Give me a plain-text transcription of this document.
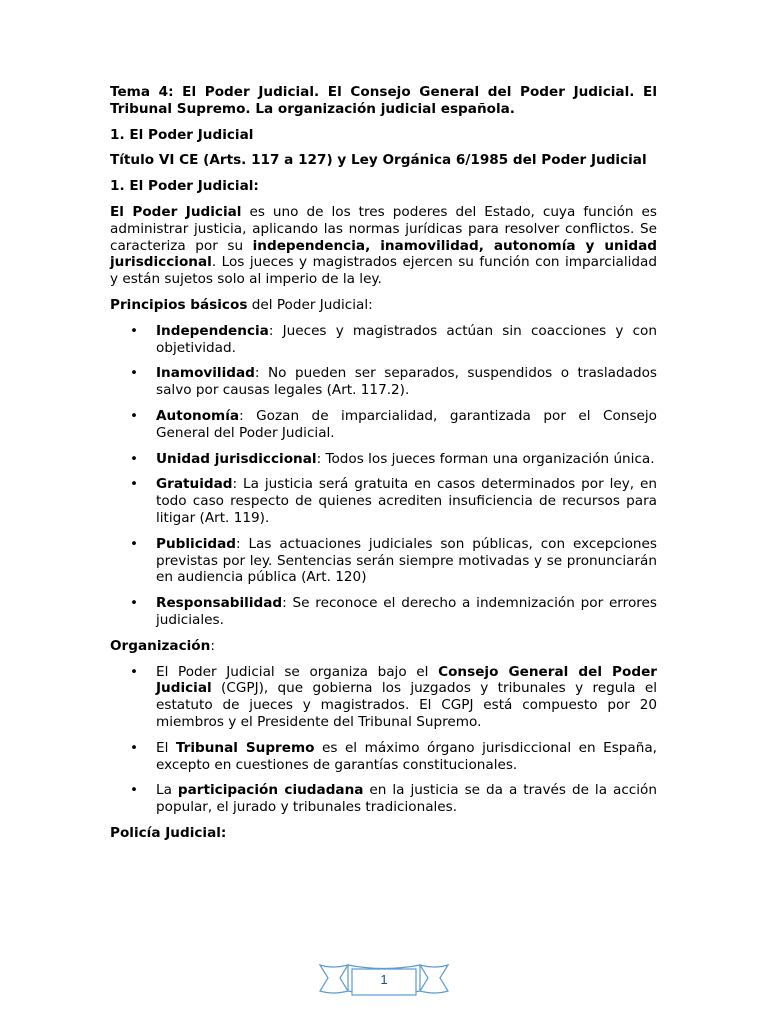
Tema 4: El Poder Judicial. El Consejo General del Poder Judicial. El Tribunal Supremo. La organización judicial española.

1. El Poder Judicial

Título VI CE (Arts. 117 a 127) y Ley Orgánica 6/1985 del Poder Judicial

1. El Poder Judicial:

El Poder Judicial es uno de los tres poderes del Estado, cuya función es administrar justicia, aplicando las normas jurídicas para resolver conflictos. Se caracteriza por su independencia, inamovilidad, autonomía y unidad jurisdiccional. Los jueces y magistrados ejercen su función con imparcialidad y están sujetos solo al imperio de la ley.

Principios básicos del Poder Judicial:

• Independencia: Jueces y magistrados actúan sin coacciones y con objetividad.
• Inamovilidad: No pueden ser separados, suspendidos o trasladados salvo por causas legales (Art. 117.2).
• Autonomía: Gozan de imparcialidad, garantizada por el Consejo General del Poder Judicial.
• Unidad jurisdiccional: Todos los jueces forman una organización única.
• Gratuidad: La justicia será gratuita en casos determinados por ley, en todo caso respecto de quienes acrediten insuficiencia de recursos para litigar (Art. 119).
• Publicidad: Las actuaciones judiciales son públicas, con excepciones previstas por ley. Sentencias serán siempre motivadas y se pronunciarán en audiencia pública (Art. 120)
• Responsabilidad: Se reconoce el derecho a indemnización por errores judiciales.

Organización:

• El Poder Judicial se organiza bajo el Consejo General del Poder Judicial (CGPJ), que gobierna los juzgados y tribunales y regula el estatuto de jueces y magistrados. El CGPJ está compuesto por 20 miembros y el Presidente del Tribunal Supremo.
• El Tribunal Supremo es el máximo órgano jurisdiccional en España, excepto en cuestiones de garantías constitucionales.
• La participación ciudadana en la justicia se da a través de la acción popular, el jurado y tribunales tradicionales.

Policía Judicial:

1
